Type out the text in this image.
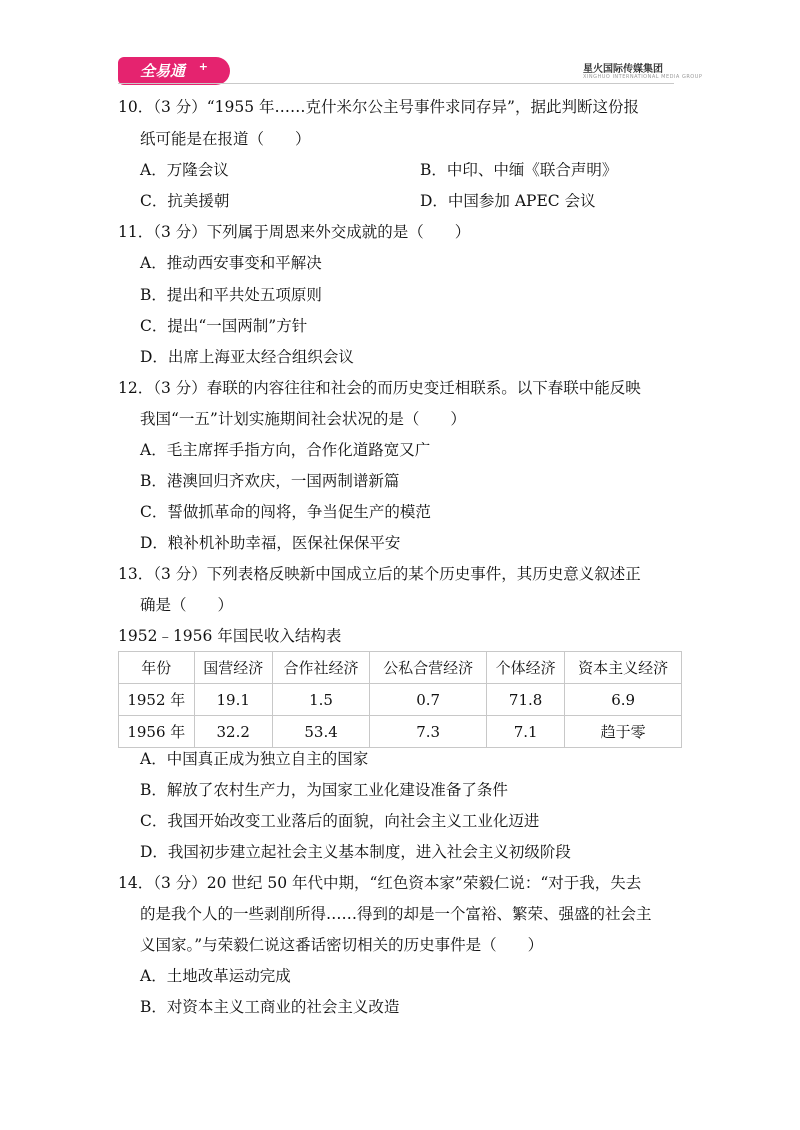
全易通 +	星火国际传媒集团
XINGHUO INTERNATIONAL MEDIA GROUP
10．（3 分）“1955 年……克什米尔公主号事件求同存异”，据此判断这份报
纸可能是在报道（　　）
A．万隆会议	B．中印、中缅《联合声明》
C．抗美援朝	D．中国参加 APEC 会议
11．（3 分）下列属于周恩来外交成就的是（　　）
A．推动西安事变和平解决
B．提出和平共处五项原则
C．提出“一国两制”方针
D．出席上海亚太经合组织会议
12．（3 分）春联的内容往往和社会的而历史变迁相联系。以下春联中能反映
我国“一五”计划实施期间社会状况的是（　　）
A．毛主席挥手指方向，合作化道路宽又广
B．港澳回归齐欢庆，一国两制谱新篇
C．誓做抓革命的闯将，争当促生产的模范
D．粮补机补助幸福，医保社保保平安
13．（3 分）下列表格反映新中国成立后的某个历史事件，其历史意义叙述正
确是（　　）
1952﹣1956 年国民收入结构表
年份	国营经济	合作社经济	公私合营经济	个体经济	资本主义经济
1952 年	19.1	1.5	0.7	71.8	6.9
1956 年	32.2	53.4	7.3	7.1	趋于零
A．中国真正成为独立自主的国家
B．解放了农村生产力，为国家工业化建设准备了条件
C．我国开始改变工业落后的面貌，向社会主义工业化迈进
D．我国初步建立起社会主义基本制度，进入社会主义初级阶段
14．（3 分）20 世纪 50 年代中期，“红色资本家”荣毅仁说：“对于我，失去
的是我个人的一些剥削所得……得到的却是一个富裕、繁荣、强盛的社会主
义国家。”与荣毅仁说这番话密切相关的历史事件是（　　）
A．土地改革运动完成
B．对资本主义工商业的社会主义改造
